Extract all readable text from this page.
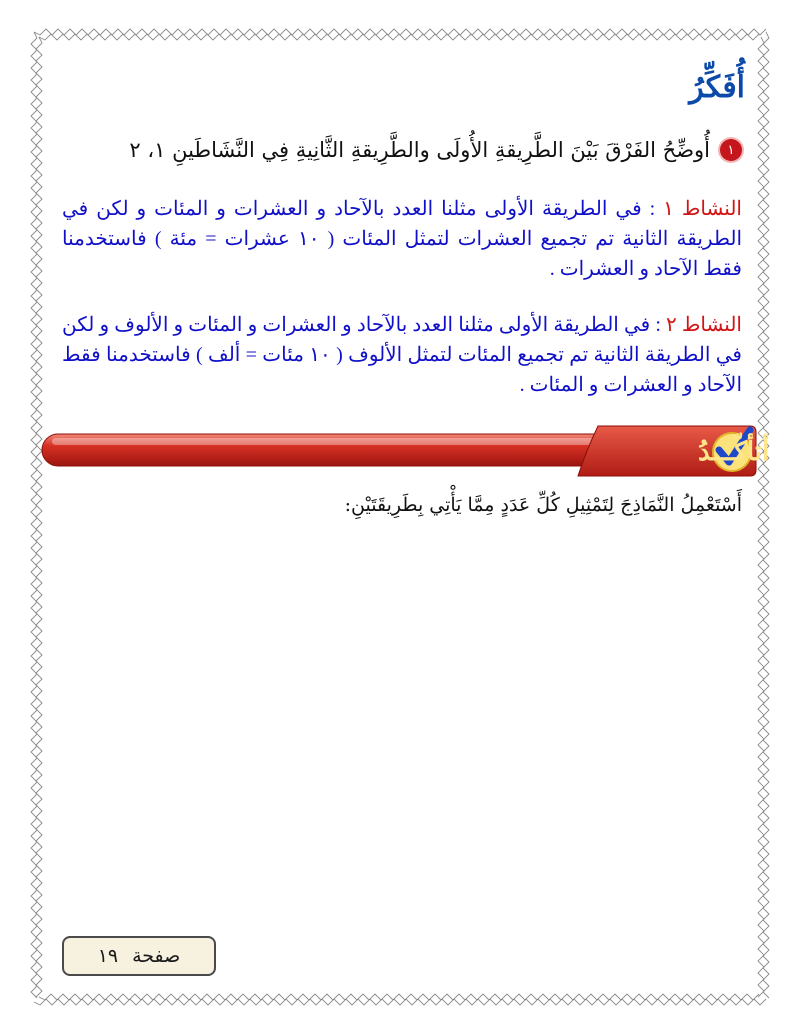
أُفَكِّرُ
١
أُوضِّحُ الفَرْقَ بَيْنَ الطَّرِيقةِ الأُولَى والطَّرِيقةِ الثَّانِيةِ فِي النَّشَاطَينِ ١، ٢
النشاط ١ : في الطريقة الأولى مثلنا العدد بالآحاد و العشرات و المئات و لكن في الطريقة الثانية تم تجميع العشرات لتمثل المئات ( ١٠ عشرات = مئة ) فاستخدمنا فقط الآحاد و العشرات .
النشاط ٢ : في الطريقة الأولى مثلنا العدد بالآحاد و العشرات و المئات و الألوف و لكن في الطريقة الثانية تم تجميع المئات لتمثل الألوف ( ١٠ مئات = ألف ) فاستخدمنا فقط الآحاد و العشرات و المئات .
أتأكّـــدُ
أَسْتَعْمِلُ النَّمَاذِجَ لِتَمْثِيلِ كُلِّ عَدَدٍ مِمَّا يَأْتِي بِطَرِيقَتَيْنِ:
صفحة
١٩
